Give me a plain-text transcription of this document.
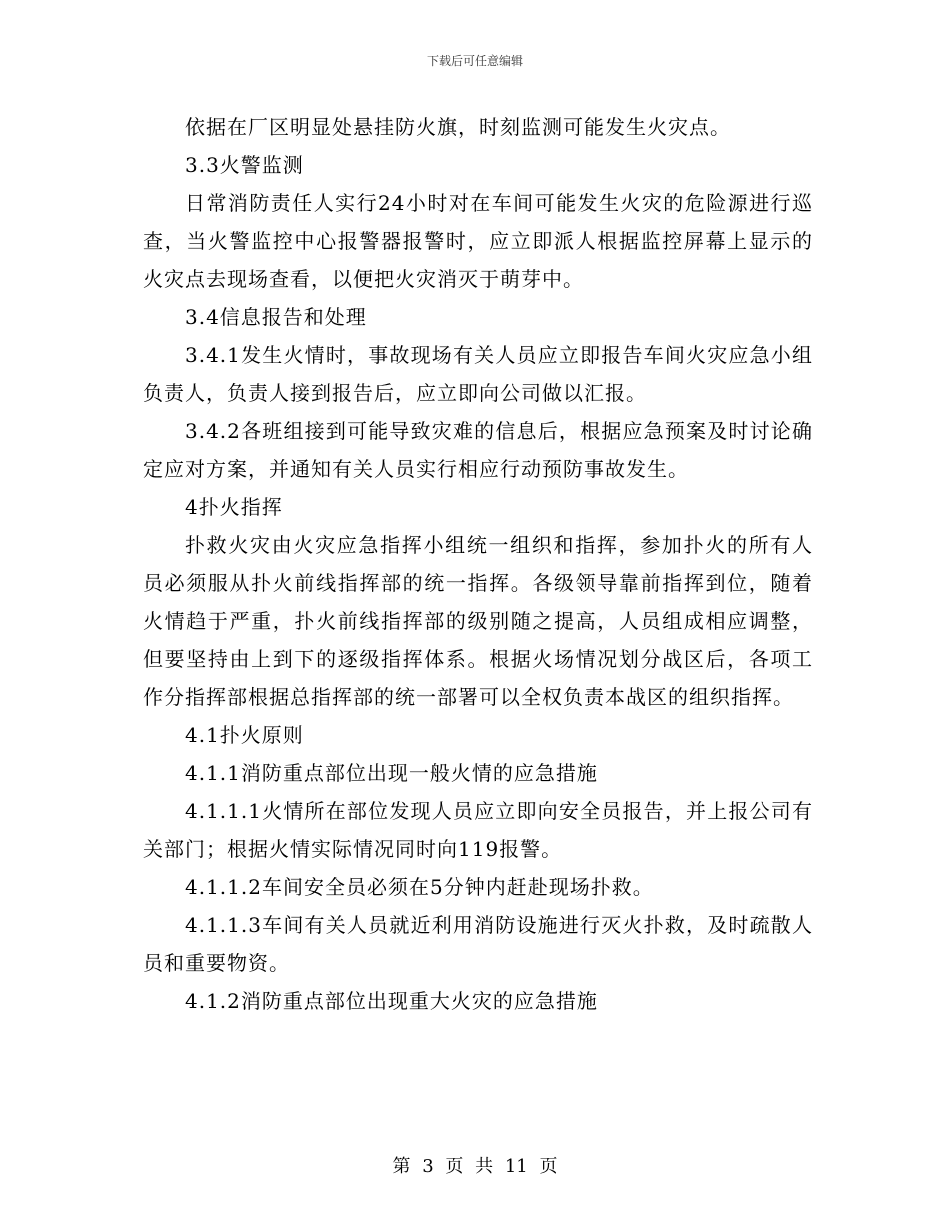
下载后可任意编辑

依据在厂区明显处悬挂防火旗，时刻监测可能发生火灾点。

3.3火警监测

日常消防责任人实行24小时对在车间可能发生火灾的危险源进行巡查，当火警监控中心报警器报警时，应立即派人根据监控屏幕上显示的火灾点去现场查看，以便把火灾消灭于萌芽中。

3.4信息报告和处理

3.4.1发生火情时，事故现场有关人员应立即报告车间火灾应急小组负责人，负责人接到报告后，应立即向公司做以汇报。

3.4.2各班组接到可能导致灾难的信息后，根据应急预案及时讨论确定应对方案，并通知有关人员实行相应行动预防事故发生。

4扑火指挥

扑救火灾由火灾应急指挥小组统一组织和指挥，参加扑火的所有人员必须服从扑火前线指挥部的统一指挥。各级领导靠前指挥到位，随着火情趋于严重，扑火前线指挥部的级别随之提高，人员组成相应调整，但要坚持由上到下的逐级指挥体系。根据火场情况划分战区后，各项工作分指挥部根据总指挥部的统一部署可以全权负责本战区的组织指挥。

4.1扑火原则

4.1.1消防重点部位出现一般火情的应急措施

4.1.1.1火情所在部位发现人员应立即向安全员报告，并上报公司有关部门；根据火情实际情况同时向119报警。

4.1.1.2车间安全员必须在5分钟内赶赴现场扑救。

4.1.1.3车间有关人员就近利用消防设施进行灭火扑救，及时疏散人员和重要物资。

4.1.2消防重点部位出现重大火灾的应急措施

第 3 页 共 11 页
